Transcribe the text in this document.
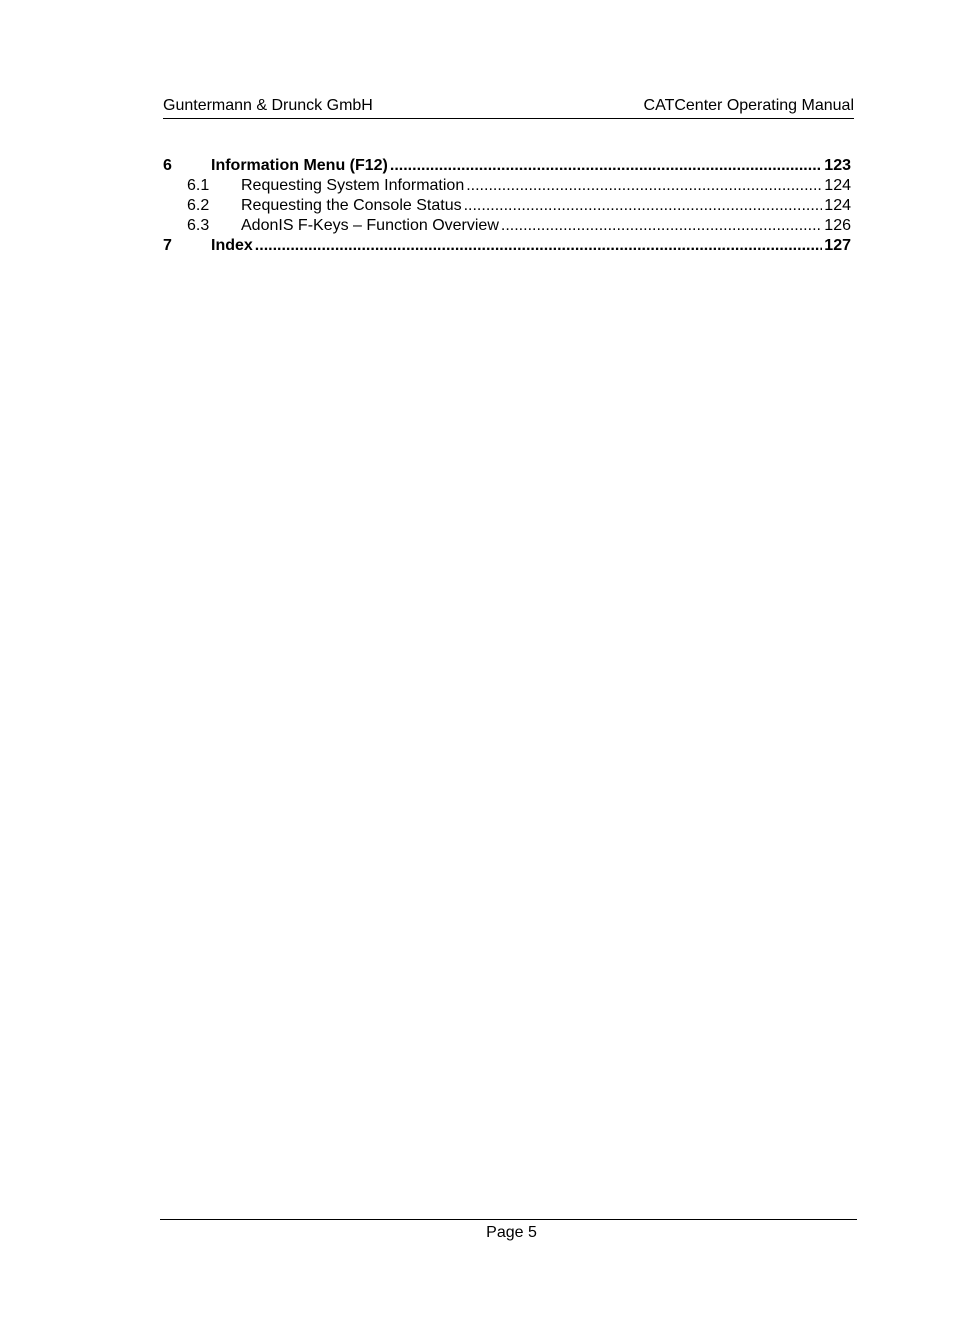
Guntermann & Drunck GmbH	CATCenter Operating Manual
6	Information Menu (F12) .....	123
6.1	Requesting System Information .....	124
6.2	Requesting the Console Status .....	124
6.3	AdonIS F-Keys – Function Overview .....	126
7	Index .....	127
Page 5
